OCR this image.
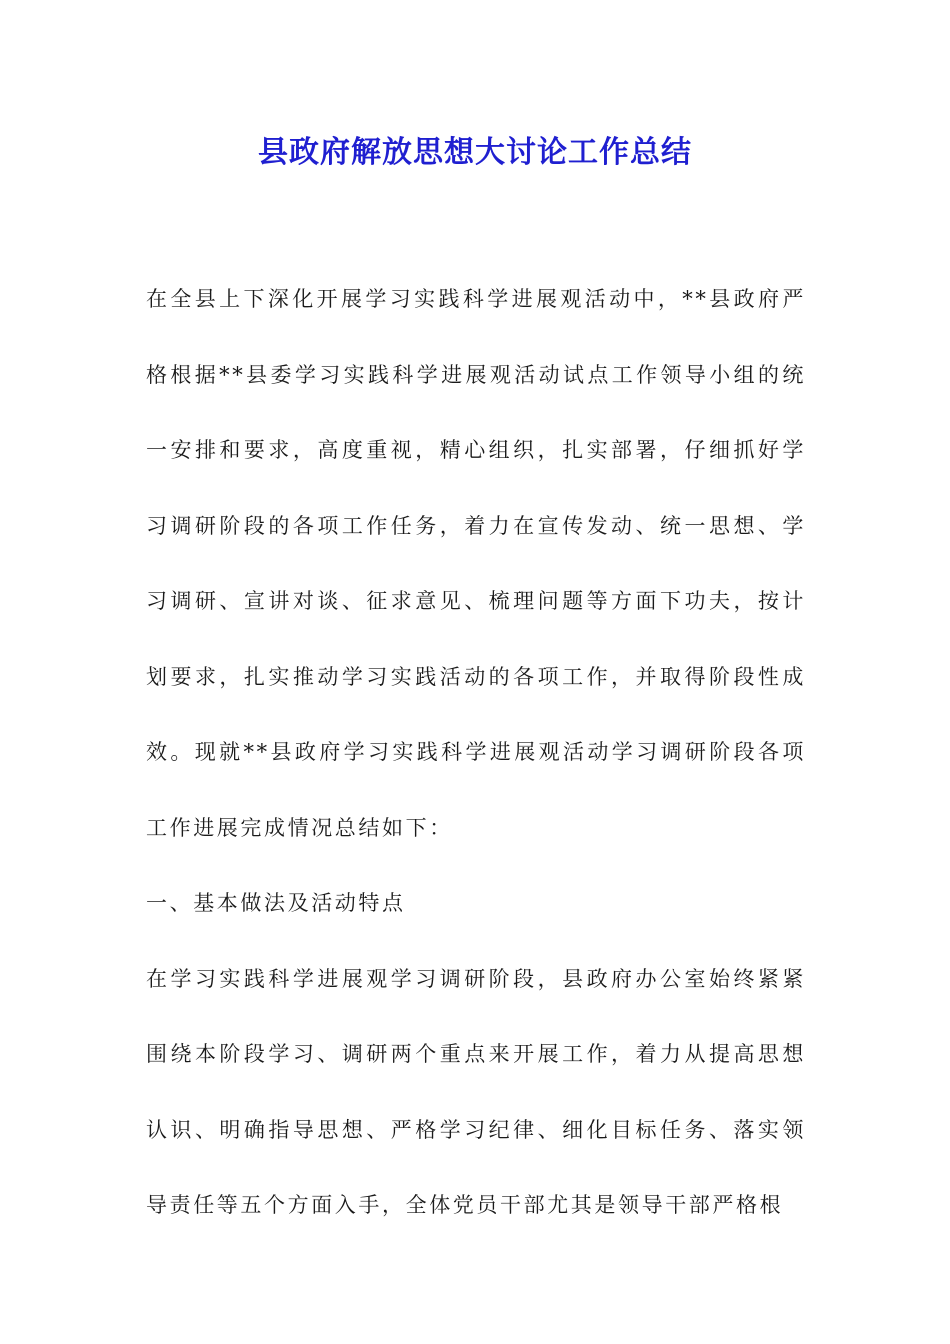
县政府解放思想大讨论工作总结

在全县上下深化开展学习实践科学进展观活动中，**县政府严格根据**县委学习实践科学进展观活动试点工作领导小组的统一安排和要求，高度重视，精心组织，扎实部署，仔细抓好学习调研阶段的各项工作任务，着力在宣传发动、统一思想、学习调研、宣讲对谈、征求意见、梳理问题等方面下功夫，按计划要求，扎实推动学习实践活动的各项工作，并取得阶段性成效。现就**县政府学习实践科学进展观活动学习调研阶段各项工作进展完成情况总结如下：

一、基本做法及活动特点

在学习实践科学进展观学习调研阶段，县政府办公室始终紧紧围绕本阶段学习、调研两个重点来开展工作，着力从提高思想认识、明确指导思想、严格学习纪律、细化目标任务、落实领导责任等五个方面入手，全体党员干部尤其是领导干部严格根
